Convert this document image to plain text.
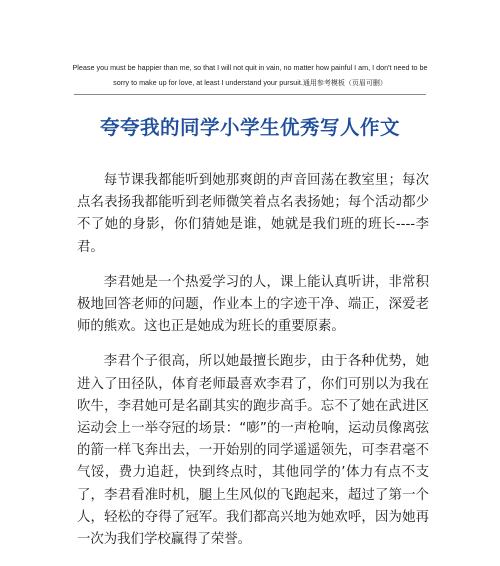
Please you must be happier than me, so that I will not quit in vain, no matter how painful I am, I don't need to be
sorry to make up for love, at least I understand your pursuit.通用参考模板（页眉可删）
夸夸我的同学小学生优秀写人作文

每节课我都能听到她那爽朗的声音回荡在教室里；每次点名表扬我都能听到老师微笑着点名表扬她；每个活动都少不了她的身影，你们猜她是谁，她就是我们班的班长----李君。

李君她是一个热爱学习的人，课上能认真听讲，非常积极地回答老师的问题，作业本上的字迹干净、端正，深爱老师的熊欢。这也正是她成为班长的重要原素。

李君个子很高，所以她最擅长跑步，由于各种优势，她进入了田径队，体育老师最喜欢李君了，你们可别以为我在吹牛，李君她可是名副其实的跑步高手。忘不了她在武进区运动会上一举夺冠的场景：“嘭”的一声枪响，运动员像离弦的箭一样飞奔出去，一开始别的同学遥遥领先，可李君毫不气馁，费力追赶，快到终点时，其他同学的’体力有点不支了，李君看准时机，腿上生风似的飞跑起来，超过了第一个人，轻松的夺得了冠军。我们都高兴地为她欢呼，因为她再一次为我们学校赢得了荣誉。
